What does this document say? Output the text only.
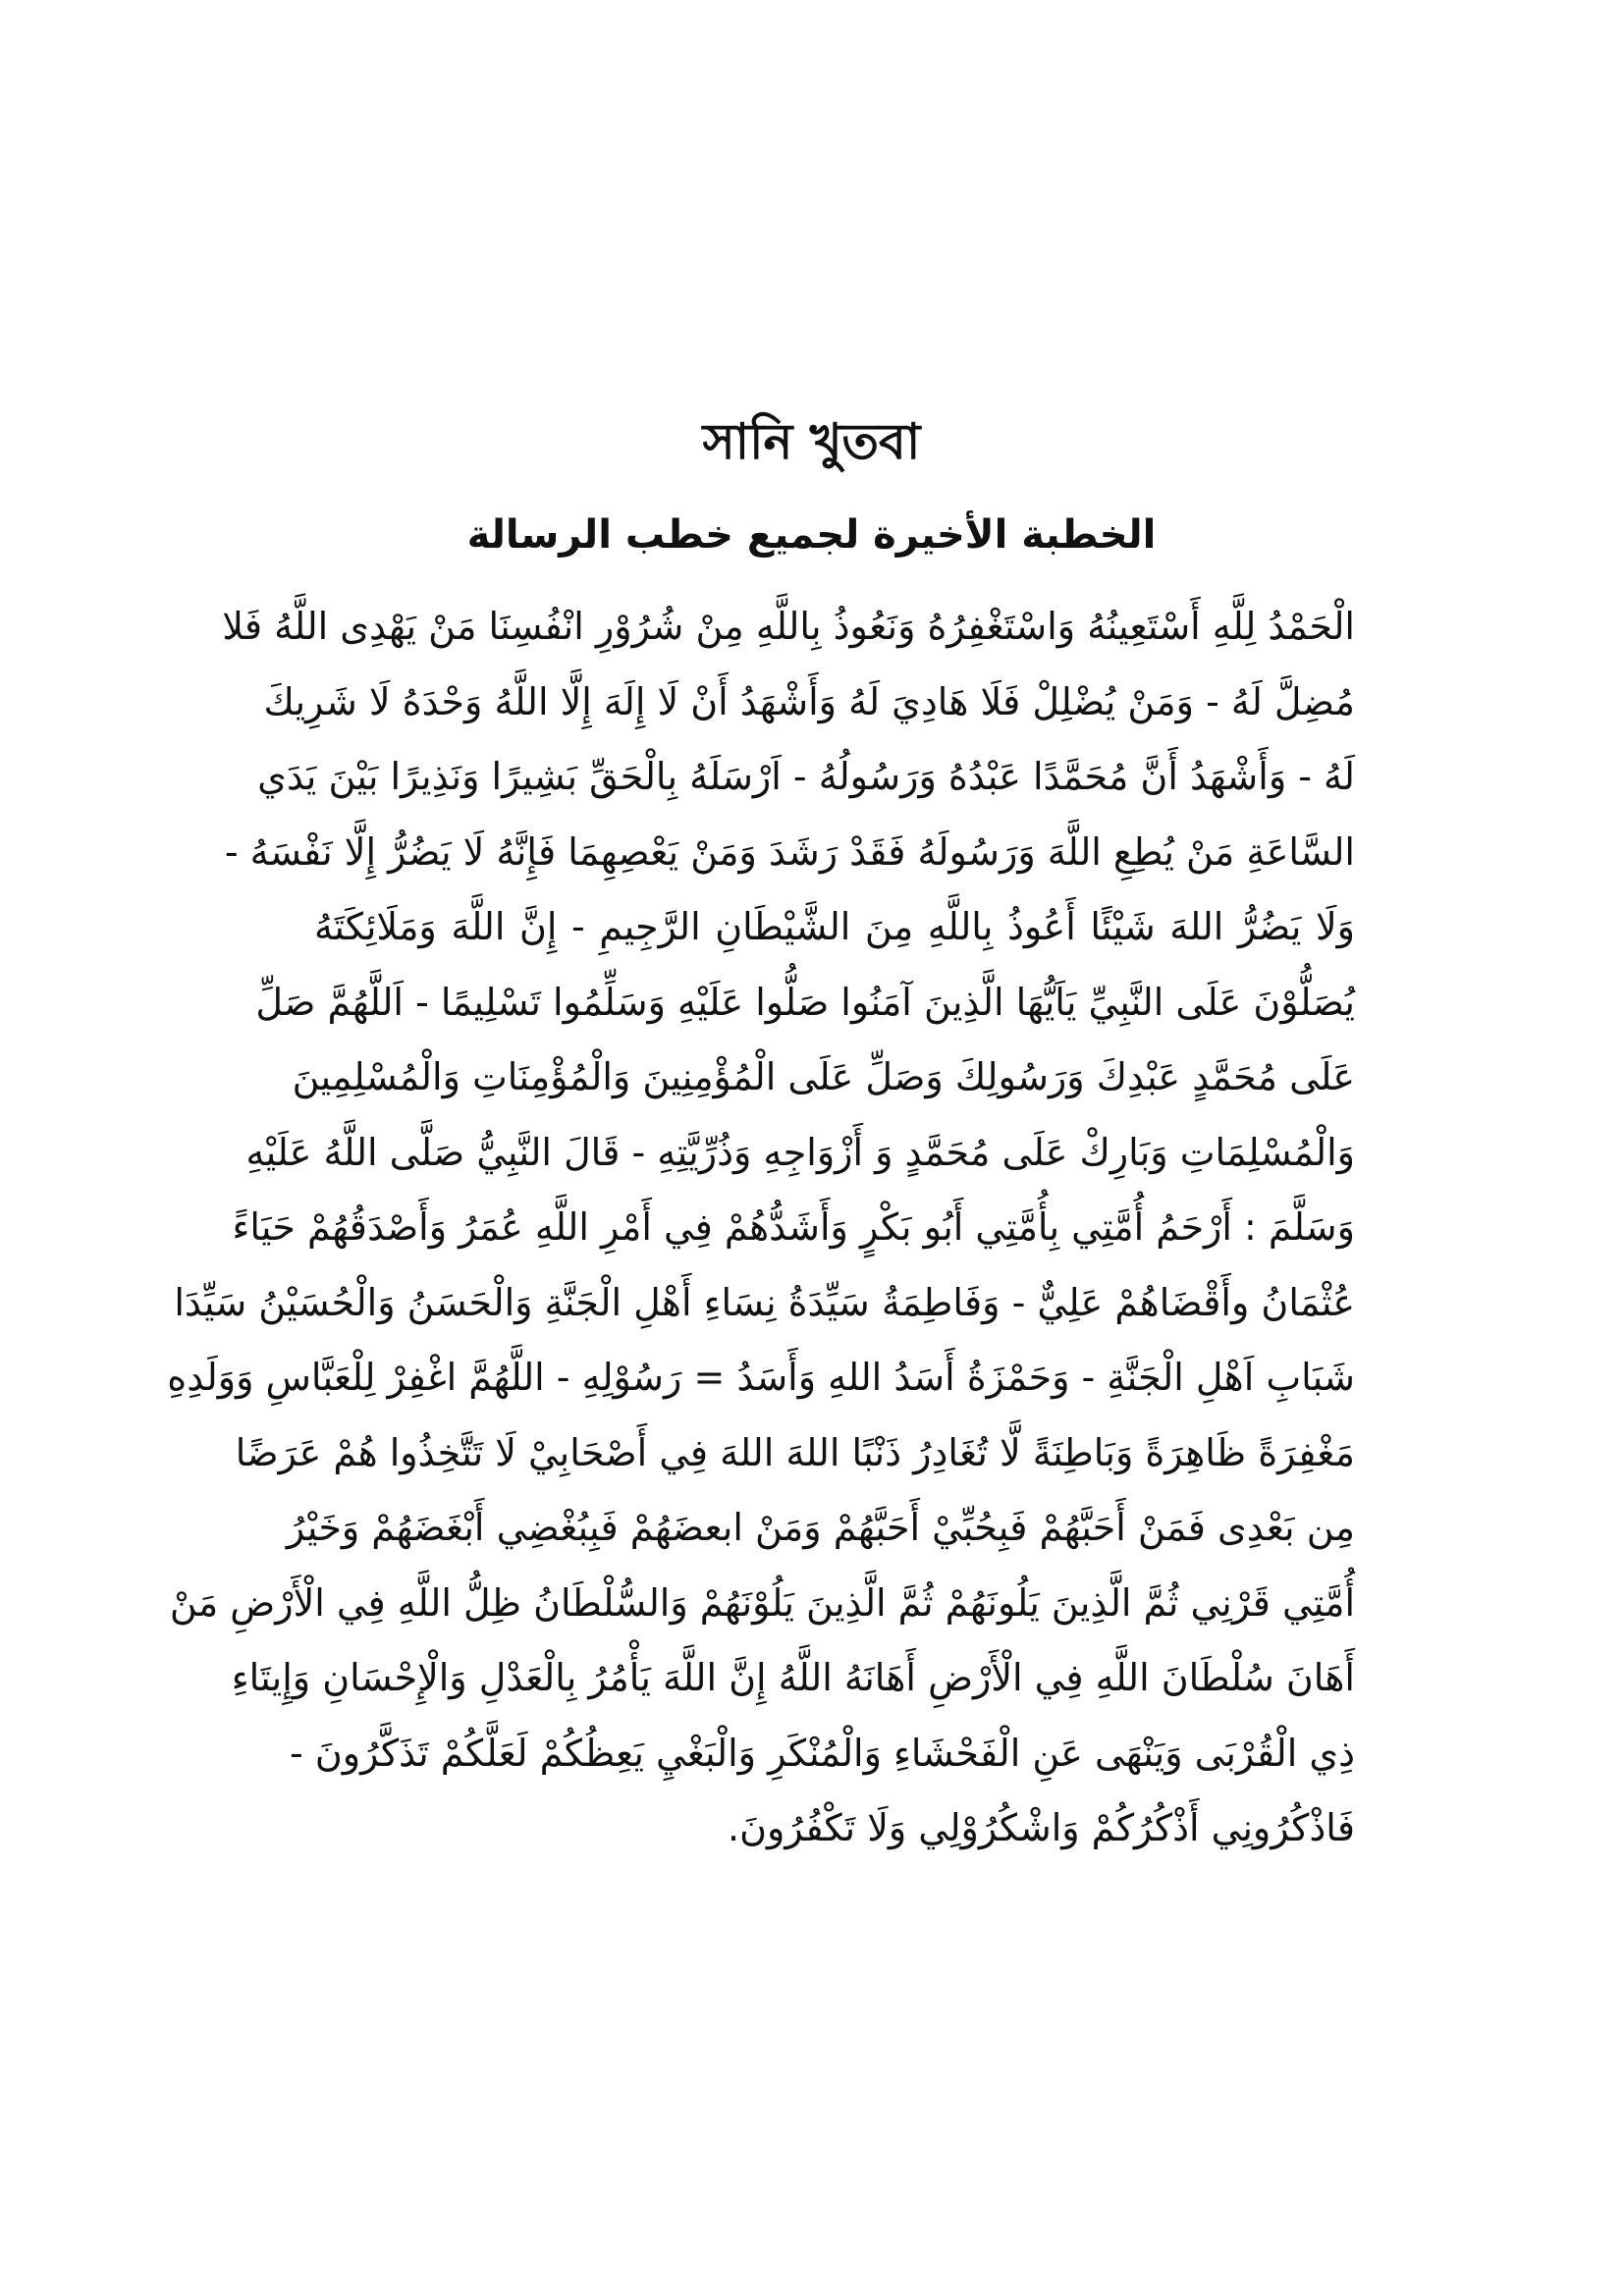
সানি খুতবা
الخطبة الأخيرة لجميع خطب الرسالة
الْحَمْدُ لِلَّهِ أَسْتَعِينُهُ وَاسْتَغْفِرُهُ وَنَعُوذُ بِاللَّهِ مِنْ شُرُوْرِ انْفُسِنَا مَنْ يَهْدِى اللَّهُ فَلا
مُضِلَّ لَهُ - وَمَنْ يُضْلِلْ فَلَا هَادِيَ لَهُ وَأَشْهَدُ أَنْ لَا إِلَهَ إِلَّا اللَّهُ وَحْدَهُ لَا شَرِيكَ
لَهُ - وَأَشْهَدُ أَنَّ مُحَمَّدًا عَبْدُهُ وَرَسُولُهُ - اَرْسَلَهُ بِالْحَقِّ بَشِيرًا وَنَذِيرًا بَيْنَ يَدَي
السَّاعَةِ مَنْ يُطِعِ اللَّهَ وَرَسُولَهُ فَقَدْ رَشَدَ وَمَنْ يَعْصِهِمَا فَإِنَّهُ لَا يَضُرُّ إِلَّا نَفْسَهُ -
وَلَا يَضُرُّ اللهَ شَيْئًا أَعُوذُ بِاللَّهِ مِنَ الشَّيْطَانِ الرَّجِيمِ - إِنَّ اللَّهَ وَمَلَائِكَتَهُ
يُصَلُّوْنَ عَلَى النَّبِيِّ يَاَيُّهَا الَّذِينَ آمَنُوا صَلُّوا عَلَيْهِ وَسَلِّمُوا تَسْلِيمًا - اَللَّهُمَّ صَلِّ
عَلَى مُحَمَّدٍ عَبْدِكَ وَرَسُولِكَ وَصَلِّ عَلَى الْمُؤْمِنِينَ وَالْمُؤْمِنَاتِ وَالْمُسْلِمِينَ
وَالْمُسْلِمَاتِ وَبَارِكْ عَلَى مُحَمَّدٍ وَ أَزْوَاجِهِ وَذُرِّيَّتِهِ - قَالَ النَّبِيُّ صَلَّى اللَّهُ عَلَيْهِ
وَسَلَّمَ : أَرْحَمُ أُمَّتِي بِأُمَّتِي أَبُو بَكْرٍ وَأَشَدُّهُمْ فِي أَمْرِ اللَّهِ عُمَرُ وَأَصْدَقُهُمْ حَيَاءً
عُثْمَانُ وأَقْضَاهُمْ عَلِيٌّ - وَفَاطِمَةُ سَيِّدَةُ نِسَاءِ أَهْلِ الْجَنَّةِ وَالْحَسَنُ وَالْحُسَيْنُ سَيِّدَا
شَبَابِ اَهْلِ الْجَنَّةِ - وَحَمْزَةُ أَسَدُ اللهِ وَأَسَدُ = رَسُوْلِهِ - اللَّهُمَّ اغْفِرْ لِلْعَبَّاسِ وَوَلَدِهِ
مَغْفِرَةً ظَاهِرَةً وَبَاطِنَةً لَّا تُغَادِرُ ذَنْبًا اللهَ اللهَ فِي أَصْحَابِيْ لَا تَتَّخِذُوا هُمْ عَرَضًا
مِن بَعْدِى فَمَنْ أَحَبَّهُمْ فَبِحُبِّيْ أَحَبَّهُمْ وَمَنْ ابعضَهُمْ فَبِبُغْضِي أَبْغَضَهُمْ وَخَيْرُ
أُمَّتِي قَرْنِي ثُمَّ الَّذِينَ يَلُونَهُمْ ثُمَّ الَّذِينَ يَلُوْنَهُمْ وَالسُّلْطَانُ ظِلُّ اللَّهِ فِي الْأَرْضِ مَنْ
أَهَانَ سُلْطَانَ اللَّهِ فِي الْأَرْضِ أَهَانَهُ اللَّهُ إِنَّ اللَّهَ يَأْمُرُ بِالْعَدْلِ وَالْإِحْسَانِ وَإِيتَاءِ
ذِي الْقُرْبَى وَيَنْهَى عَنِ الْفَحْشَاءِ وَالْمُنْكَرِ وَالْبَغْيِ يَعِظُكُمْ لَعَلَّكُمْ تَذَكَّرُونَ -
فَاذْكُرُونِي أَذْكُرُكُمْ وَاشْكُرُوْلِي وَلَا تَكْفُرُونَ.
